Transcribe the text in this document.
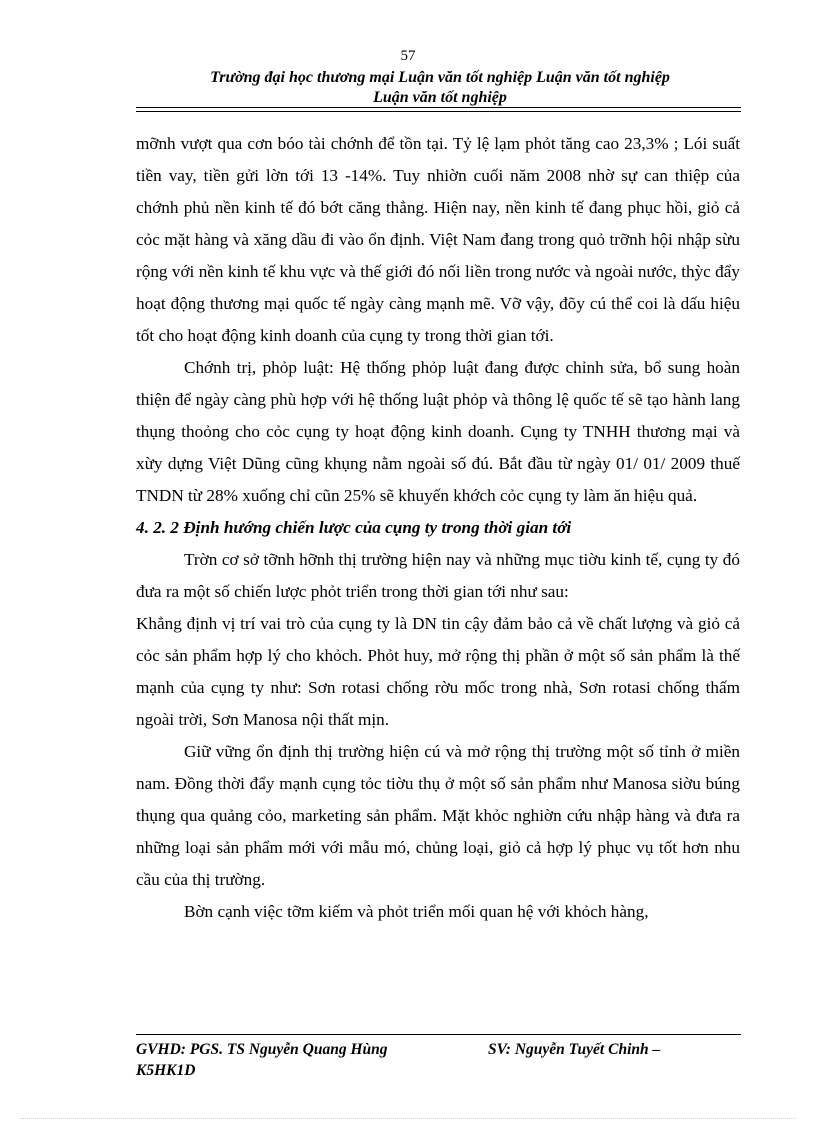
57
Trường đại học thương mại Luận văn tốt nghiệp Luận văn tốt nghiệp
Luận văn tốt nghiệp

mỡnh vượt qua cơn bóo tài chớnh để tồn tại. Tỷ lệ lạm phỏt tăng cao 23,3% ; Lói suất tiền vay, tiền gửi lờn tới 13 -14%. Tuy nhiờn cuối năm 2008 nhờ sự can thiệp của chớnh phủ nền kinh tế đó bớt căng thẳng. Hiện nay, nền kinh tế đang phục hồi, giỏ cả cỏc mặt hàng và xăng dầu đi vào ổn định. Việt Nam đang trong quỏ trỡnh hội nhập sừu rộng với nền kinh tế khu vực và thế giới đó nối liền trong nước và ngoài nước, thỳc đẩy hoạt động thương mại quốc tế ngày càng mạnh mẽ. Vỡ vậy, đõy cú thể coi là dấu hiệu tốt cho hoạt động kinh doanh của cụng ty trong thời gian tới.

Chớnh trị, phỏp luật: Hệ thống phỏp luật đang được chỉnh sửa, bổ sung hoàn thiện để ngày càng phù hợp với hệ thống luật phỏp và thông lệ quốc tế sẽ tạo hành lang thụng thoỏng cho cỏc cụng ty hoạt động kinh doanh. Cụng ty TNHH thương mại và xừy dựng Việt Dũng cũng khụng nằm ngoài số đú. Bắt đầu từ ngày 01/ 01/ 2009 thuế TNDN từ 28% xuống chỉ cũn 25% sẽ khuyến khớch cỏc cụng ty làm ăn hiệu quả.

4. 2. 2 Định hướng chiến lược của cụng ty trong thời gian tới

Trờn cơ sở tỡnh hỡnh thị trường hiện nay và những mục tiờu kinh tế, cụng ty đó đưa ra một số chiến lược phỏt triển trong thời gian tới như sau:

Khẳng định vị trí vai trò của cụng ty là DN tin cậy đảm bảo cả về chất lượng và giỏ cả cỏc sản phẩm hợp lý cho khỏch. Phỏt huy, mở rộng thị phần ở một số sản phẩm là thế mạnh của cụng ty như: Sơn rotasi chống rờu mốc trong nhà, Sơn rotasi chống thấm ngoài trời, Sơn Manosa nội thất mịn.

Giữ vững ổn định thị trường hiện cú và mở rộng thị trường một số tỉnh ở miền nam. Đồng thời đẩy mạnh cụng tỏc tiờu thụ ở một số sản phẩm như Manosa siờu búng thụng qua quảng cỏo, marketing sản phẩm. Mặt khỏc nghiờn cứu nhập hàng và đưa ra những loại sản phẩm mới với mẫu mó, chủng loại, giỏ cả hợp lý phục vụ tốt hơn nhu cầu của thị trường.

Bờn cạnh việc tỡm kiếm và phỏt triển mối quan hệ với khỏch hàng,

GVHD: PGS. TS Nguyễn Quang Hùng	SV: Nguyễn Tuyết Chinh –
K5HK1D
